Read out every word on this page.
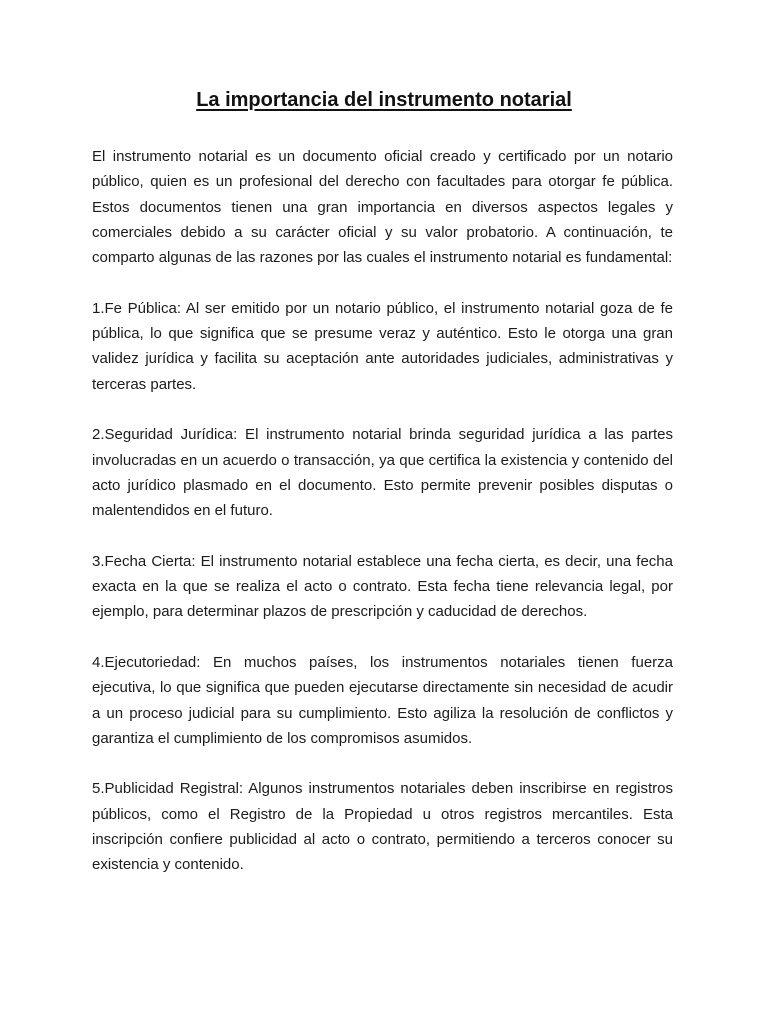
La importancia del instrumento notarial

El instrumento notarial es un documento oficial creado y certificado por un notario público, quien es un profesional del derecho con facultades para otorgar fe pública. Estos documentos tienen una gran importancia en diversos aspectos legales y comerciales debido a su carácter oficial y su valor probatorio. A continuación, te comparto algunas de las razones por las cuales el instrumento notarial es fundamental:

1.Fe Pública: Al ser emitido por un notario público, el instrumento notarial goza de fe pública, lo que significa que se presume veraz y auténtico. Esto le otorga una gran validez jurídica y facilita su aceptación ante autoridades judiciales, administrativas y terceras partes.

2.Seguridad Jurídica: El instrumento notarial brinda seguridad jurídica a las partes involucradas en un acuerdo o transacción, ya que certifica la existencia y contenido del acto jurídico plasmado en el documento. Esto permite prevenir posibles disputas o malentendidos en el futuro.

3.Fecha Cierta: El instrumento notarial establece una fecha cierta, es decir, una fecha exacta en la que se realiza el acto o contrato. Esta fecha tiene relevancia legal, por ejemplo, para determinar plazos de prescripción y caducidad de derechos.

4.Ejecutoriedad: En muchos países, los instrumentos notariales tienen fuerza ejecutiva, lo que significa que pueden ejecutarse directamente sin necesidad de acudir a un proceso judicial para su cumplimiento. Esto agiliza la resolución de conflictos y garantiza el cumplimiento de los compromisos asumidos.

5.Publicidad Registral: Algunos instrumentos notariales deben inscribirse en registros públicos, como el Registro de la Propiedad u otros registros mercantiles. Esta inscripción confiere publicidad al acto o contrato, permitiendo a terceros conocer su existencia y contenido.
